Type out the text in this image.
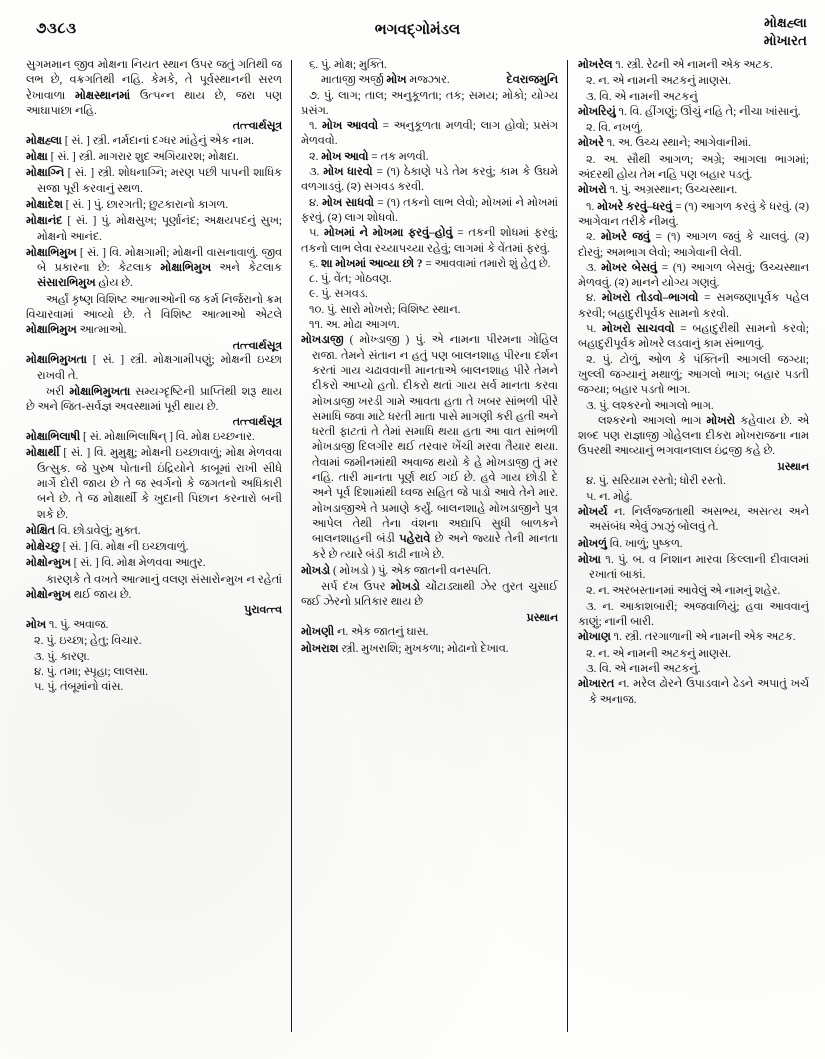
૭૩૮૩	ભગવદ્ગોમંડલ	મોક્ષહ્લા
મોખારત

સુગમમાન જીવ મોક્ષના નિયત સ્થાન ઉપર જતું ગતિથી જ લભ છે, વક્રગતિથી નહિ. કેમકે, તે પૂર્વસ્થાનની સરળ રેખાવાળા મોક્ષસ્થાનમાં ઉત્પન્ન થાય છે, જરા પણ આઘાપાછા નહિ.

તત્ત્વાર્થસૂત્ર

મોક્ષહ્લા [ સં. ] સ્ત્રી. નર્મદાનાં દગ્ધર માંહેનું એક નામ.

મોક્ષા [ સં. ] સ્ત્રી. માગરાર શુદ અગિયારશ; મોક્ષદા.

મોક્ષાગ્નિ [ સં. ] સ્ત્રી. શોધનાગ્નિ; મરણ પછી પાપની શાધિક સજા પૂરી કરવાનું સ્થળ.

મોક્ષાદેશ [ સં. ] પું. છારગતી; છુટકારાનો કાગળ.

મોક્ષાનંદ [ સં. ] પું. મોક્ષસુખ; પૂર્ણાનંદ; અક્ષયપદનું સુખ; મોક્ષનો આનંદ.

મોક્ષાભિમુખ [ સં. ] વિ. મોક્ષગામી; મોક્ષની વાસનાવાળું. જીવ બે પ્રકારના છે: કેટલાક મોક્ષાભિમુખ અને કેટલાક સંસારાભિમુખ હોય છે.

અર્હાં કૃષ્ણ વિશિષ્ટ આત્માઓની જ કર્મ નિર્જરાનો ક્રમ વિચારવામાં આવ્યો છે. તે વિશિષ્ટ આત્માઓ એટલે મોક્ષાભિમુખ આત્માઓ.

તત્ત્વાર્થસૂત્ર

મોક્ષાભિમુખતા [ સં. ] સ્ત્રી. મોક્ષગામીપણું; મોક્ષની ઇચ્છા રાખવી તે.

ખરી મોક્ષાભિમુખતા સમ્યગ્દૃષ્ટિની પ્રાપ્તિથી શરૂ થાય છે અને જિત-સર્વજ્ઞ અવસ્થામાં પૂરી થાય છે.

તત્ત્વાર્થસૂત્ર

મોક્ષાભિલાષી [ સં. મોક્ષાભિલાષિન્ ] વિ. મોક્ષ ઇચ્છનાર.

મોક્ષાર્થી [ સં. ] વિ. મુમુક્ષુ; મોક્ષની ઇચ્છાવાળું; મોક્ષ મેળવવા ઉત્સુક. જે પુરુષ પોતાની ઇંદ્રિયોને કાબૂમાં રાખી સીધે માર્ગે દોરી જાય છે તે જ સ્વર્ગનો કે જગતનો અધિકારી બને છે. તે જ મોક્ષાર્થી કે ખુદાની પિછાન કરનારો બની શકે છે.

મોક્ષિત વિ. છોડાવેલું; મુક્ત.

મોક્ષેચ્છુ [ સં. ] વિ. મોક્ષ ની ઇચ્છાવાળું.

મોક્ષોન્મુખ [ સં. ] વિ. મોક્ષ મેળવવા આતુર.

કારણકે તે વખતે આત્માનું વલણ સંસારોન્મુખ ન રહેતાં મોક્ષોન્મુખ થઈ જાય છે.

પુરાવત્ત્વ

મોખ ૧. પું. અવાજ.

૨. પું. ઇચ્છા; હેતુ; વિચાર.

૩. પું. કારણ.

૪. પું. તમા; સ્પૃહા; લાલસા.

૫. પું. તંબૂમાંનો વાંસ.

૬. પું. મોક્ષ; મુક્તિ.

માતાજી અર્જી મોખ મજ્ઝાર.	દેવરાજમુનિ

૭. પું. લાગ; તાલ; અનુકૂળતા; તક; સમય; મોકો; યોગ્ય પ્રસંગ.

૧. મોખ આવવો = અનુકૂળતા મળવી; લાગ હોવો; પ્રસંગ મેળવવો.

૨. મોખ આવો = તક મળવી.

૩. મોખ ધારવો = (૧) ઠેકાણે પડે તેમ કરવું; કામ કે ઉઘમે વળગાડવું. (૨) સગવડ કરવી.

૪. મોખ સાધવો = (૧) તકનો લાભ લેવો; મોખમાં ને મોખમાં ફરવું. (૨) લાગ શોધવો.

૫. મોખમાં ને મોખમા ફરવું–હોવું = તકની શોધમાં ફરવું; તકનો લાભ લેવા રચ્યાપચ્યા રહેવું; લાગમાં કે વેંતમાં ફરવું.

૬. શા મોખમાં આવ્યા છો ? = આવવામાં તમારો શું હેતુ છે.

૮. પું. વેંત; ગોઠવણ.

૯. પું. સગવડ.

૧૦. પું. સારો મોખરો; વિશિષ્ટ સ્થાન.

૧૧. અ. મોઢા આગળ.

મોખડાજી ( મોખ્ડાજી ) પું. એ નામના પીરમના ગોહિલ રાજા. તેમને સંતાન ન હતું પણ બાલનશાહ પીરના દર્શન કરતાં ગાય ચઢાવવાની માનતાએ બાલનશાહ પીરે તેમને દીકરો આપ્યો હતો. દીકરો થતાં ગાય સર્વ માનતા કરવા મોખડાજી ખરડી ગામે આવતા હતા તે ખબર સાંભળી પીરે સમાધિ જવા માટે ધરતી માતા પાસે માગણી કરી હતી અને ધરતી ફાટતાં તે તેમાં સમાધિ થયા હતા આ વાત સાંભળી મોખડાજી દિલગીર થઈ તરવાર ખેંચી મરવા તૈયાર થયા. તેવામાં જમીનમાંથી અવાજ થયો કે હે મોખડાજી તું મર નહિ. તારી માનતા પૂર્ણ થઈ ગઈ છે. હવે ગાય છોડી દે અને પૂર્વ દિશામાંથી ધ્વજ સહિત જે પાડો આવે તેને માર. મોખડાજીએ તે પ્રમાણે કર્યું. બાલનશાહે મોખડાજીને પુત્ર આપેલ તેથી તેના વંશના અદ્યાપિ સુધી બાળકને બાલનશાહની બંડી પહેરાવે છે અને જ્યારે તેની માનતા કરે છે ત્યારે બંડી કાઢી નાખે છે.

મોખડો ( મોખડો ) પું. એક જાતની વનસ્પતિ.

સર્પ દંખ ઉપર મોખડો ચોંટાડ્યાથી ઝેર તુરત ચુસાઈ જઈ ઝેરનો પ્રતિકાર થાય છે

પ્રસ્થાન

મોખણી ન. એક જાતનું ઘાસ.

મોખરાશ સ્ત્રી. મુખરાશિ; મુખકળા; મોઢાનો દેખાવ.

મોખરેલ ૧. સ્ત્રી. રેઢની એ નામની એક અટક.

૨. ન. એ નામની અટકનું માણસ.

૩. વિ. એ નામની અટકનું

મોખરિયું ૧. વિ. હીંગણું; ઊંચું નહિ તે; નીચા ખાંસાનું.

૨. વિ. નખળું.

મોખરે ૧. અ. ઉચ્ચ સ્થાને; આગેવાનીમાં.

૨. અ. સૌથી આગળ; અગ્રે; આગલા ભાગમાં; અંદરથી હોય તેમ નહિ પણ બહાર પડતું.

મોખરો ૧. પું. અગ્રસ્થાન; ઉચ્ચસ્થાન.

૧. મોખરે કરવું–ધરવું = (૧) આગળ કરવું કે ધરવું. (૨) આગેવાન તરીકે નીમવું.

૨. મોખરે જવું = (૧) આગળ જવું કે ચાલવું. (૨) દોરવું; અમભાગ લેવો; આગેવાની લેવી.

૩. મોખર બેસવું = (૧) આગળ બેસવું; ઉચ્ચસ્થાન મેળવવું. (૨) માનને યોગ્ય ગણવું.

૪. મોખરો તોડવો–ભાગવો = સમજણાપૂર્વક પહેલ કરવી; બહાદુરીપૂર્વક સામનો કરવો.

૫. મોખરો સાચવવો = બહાદુરીથી સામનો કરવો; બહાદુરીપૂર્વક મોખરે લડવાનું કામ સંભાળવું.

૨. પું. ટોળું, ઓળ કે પંક્તિની આગલી જગ્યા; ખુલ્લી જગ્યાનું મથાળું; આગલો ભાગ; બહાર પડતી જગ્યા; બહાર પડતો ભાગ.

૩. પું. લશ્કરનો આગલો ભાગ.

લશ્કરનો આગલો ભાગ મોખરો કહેવાય છે. એ શબ્દ પણ રાજ્ઞાજી ગોહેલના દીકરા મોખરાજના નામ ઉપરથી આવ્યાનું ભગવાનલાલ ઇંદ્રજી કહે છે.

પ્રસ્થાન

૪. પું. સરિયામ રસ્તો; ધોરી રસ્તો.

૫. ન. મોઢું.

મોખર્ય ન. નિર્લજ્જતાથી અસભ્ય, અસત્ય અને અસંબંધ એવું ઝાઝું બોલવું તે.

મોખળું વિ. ખાળું; પુષ્કળ.

મોખા ૧. પું. બ. વ નિશાન મારવા કિલ્લાની દીવાલમાં રખાતાં બાકાં.

૨. ન. અરબસ્તાનમાં આવેલું એ નામનું શહેર.

૩. ન. આકાશબારી; અજવાળિયું; હવા આવવાનું કાણું; નાની બારી.

મોખાણ ૧. સ્ત્રી. તરગાળાની એ નામની એક અટક.

૨. ન. એ નામની અટકનું માણસ.

૩. વિ. એ નામની અટકનું.

મોખારત ન. મરેલ ઢોરને ઉપાડવાને ઢેડને અપાતું ખર્ચ કે અનાજ.
